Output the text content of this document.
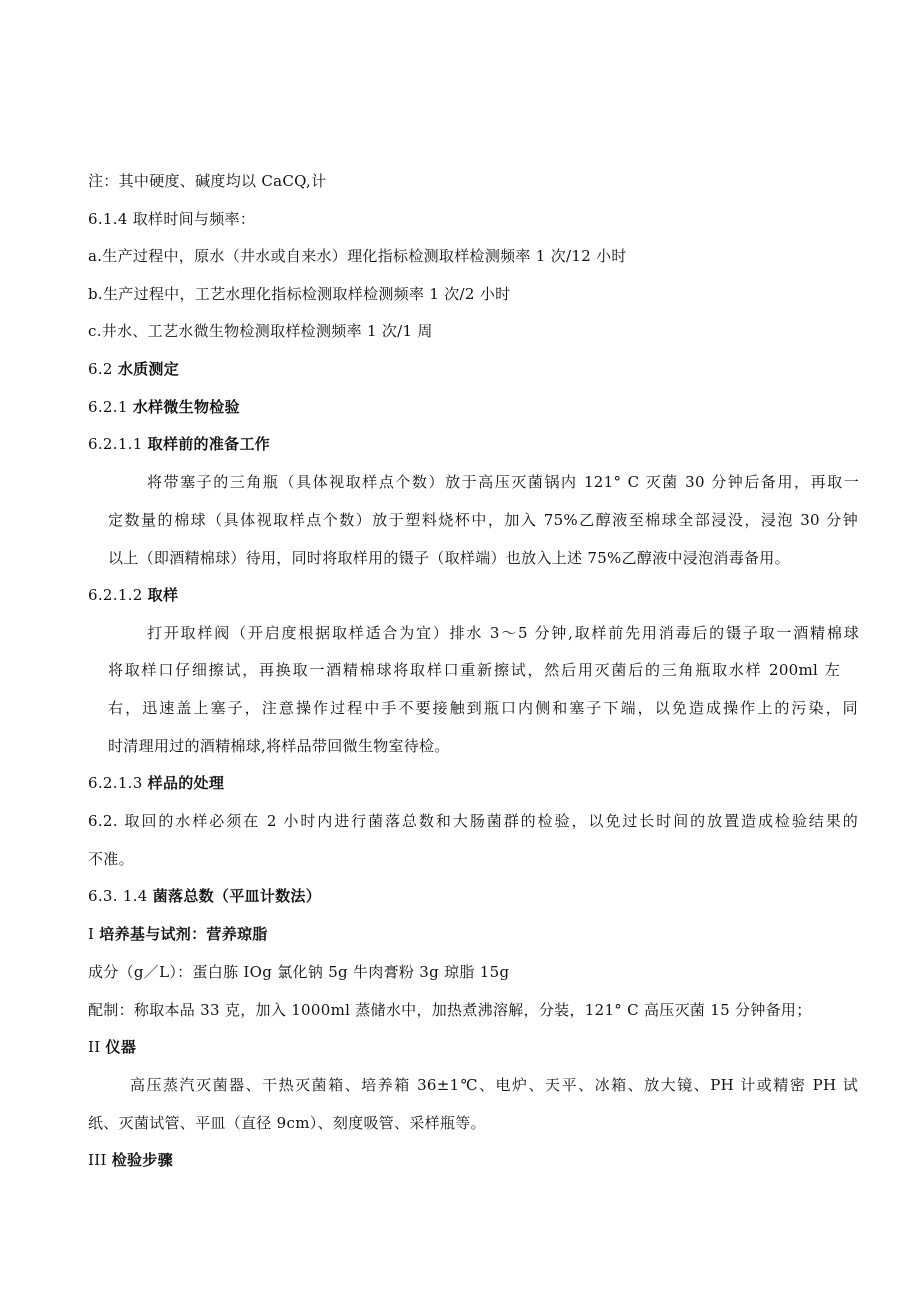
注：其中硬度、碱度均以 CaCQ,计
6.1.4 取样时间与频率：
a.生产过程中，原水（井水或自来水）理化指标检测取样检测频率 1 次/12 小时
b.生产过程中，工艺水理化指标检测取样检测频率 1 次/2 小时
c.井水、工艺水微生物检测取样检测频率 1 次/1 周
6.2 水质测定
6.2.1 水样微生物检验
6.2.1.1 取样前的准备工作
将带塞子的三角瓶（具体视取样点个数）放于高压灭菌锅内 121° C 灭菌 30 分钟后备用，再取一
定数量的棉球（具体视取样点个数）放于塑料烧杯中，加入 75%乙醇液至棉球全部浸没，浸泡 30 分钟
以上（即酒精棉球）待用，同时将取样用的镊子（取样端）也放入上述 75%乙醇液中浸泡消毒备用。
6.2.1.2 取样
打开取样阀（开启度根据取样适合为宜）排水 3～5 分钟,取样前先用消毒后的镊子取一酒精棉球
将取样口仔细擦试，再换取一酒精棉球将取样口重新擦试，然后用灭菌后的三角瓶取水样 200ml 左
右，迅速盖上塞子，注意操作过程中手不要接触到瓶口内侧和塞子下端，以免造成操作上的污染，同
时清理用过的酒精棉球,将样品带回微生物室待检。
6.2.1.3 样品的处理
6.2. 取回的水样必须在 2 小时内进行菌落总数和大肠菌群的检验，以免过长时间的放置造成检验结果的
不准。
6.3. 1.4 菌落总数（平皿计数法）
I 培养基与试剂：营养琼脂
成分（g／L）：蛋白胨 IOg 氯化钠 5g 牛肉膏粉 3g 琼脂 15g
配制：称取本品 33 克，加入 1000ml 蒸储水中，加热煮沸溶解，分装，121° C 高压灭菌 15 分钟备用；
II 仪器
高压蒸汽灭菌器、干热灭菌箱、培养箱 36±1℃、电炉、天平、冰箱、放大镜、PH 计或精密 PH 试
纸、灭菌试管、平皿（直径 9cm）、刻度吸管、采样瓶等。
III 检验步骤
